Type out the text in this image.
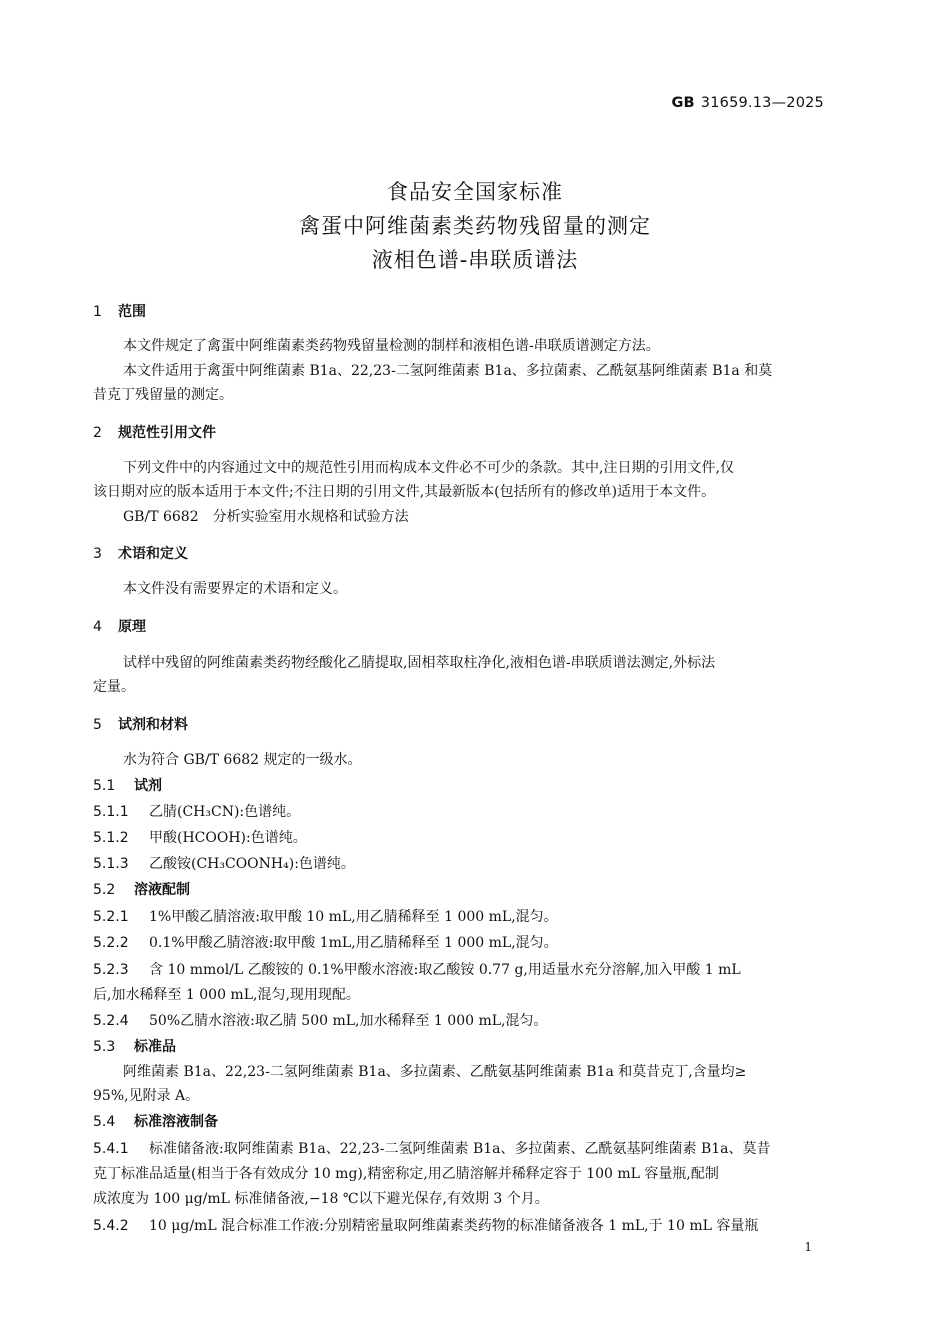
GB 31659.13—2025
食品安全国家标准
禽蛋中阿维菌素类药物残留量的测定
液相色谱-串联质谱法
1 范围
本文件规定了禽蛋中阿维菌素类药物残留量检测的制样和液相色谱-串联质谱测定方法。
本文件适用于禽蛋中阿维菌素 B1a、22,23-二氢阿维菌素 B1a、多拉菌素、乙酰氨基阿维菌素 B1a 和莫
昔克丁残留量的测定。
2 规范性引用文件
下列文件中的内容通过文中的规范性引用而构成本文件必不可少的条款。其中,注日期的引用文件,仅
该日期对应的版本适用于本文件;不注日期的引用文件,其最新版本(包括所有的修改单)适用于本文件。
GB/T 6682　分析实验室用水规格和试验方法
3 术语和定义
本文件没有需要界定的术语和定义。
4 原理
试样中残留的阿维菌素类药物经酸化乙腈提取,固相萃取柱净化,液相色谱-串联质谱法测定,外标法
定量。
5 试剂和材料
水为符合 GB/T 6682 规定的一级水。
5.1 试剂
5.1.1 乙腈(CH₃CN):色谱纯。
5.1.2 甲酸(HCOOH):色谱纯。
5.1.3 乙酸铵(CH₃COONH₄):色谱纯。
5.2 溶液配制
5.2.1 1%甲酸乙腈溶液:取甲酸 10 mL,用乙腈稀释至 1 000 mL,混匀。
5.2.2 0.1%甲酸乙腈溶液:取甲酸 1mL,用乙腈稀释至 1 000 mL,混匀。
5.2.3 含 10 mmol/L 乙酸铵的 0.1%甲酸水溶液:取乙酸铵 0.77 g,用适量水充分溶解,加入甲酸 1 mL
后,加水稀释至 1 000 mL,混匀,现用现配。
5.2.4 50%乙腈水溶液:取乙腈 500 mL,加水稀释至 1 000 mL,混匀。
5.3 标准品
阿维菌素 B1a、22,23-二氢阿维菌素 B1a、多拉菌素、乙酰氨基阿维菌素 B1a 和莫昔克丁,含量均≥
95%,见附录 A。
5.4 标准溶液制备
5.4.1 标准储备液:取阿维菌素 B1a、22,23-二氢阿维菌素 B1a、多拉菌素、乙酰氨基阿维菌素 B1a、莫昔
克丁标准品适量(相当于各有效成分 10 mg),精密称定,用乙腈溶解并稀释定容于 100 mL 容量瓶,配制
成浓度为 100 μg/mL 标准储备液,−18 ℃以下避光保存,有效期 3 个月。
5.4.2 10 μg/mL 混合标准工作液:分别精密量取阿维菌素类药物的标准储备液各 1 mL,于 10 mL 容量瓶
1
